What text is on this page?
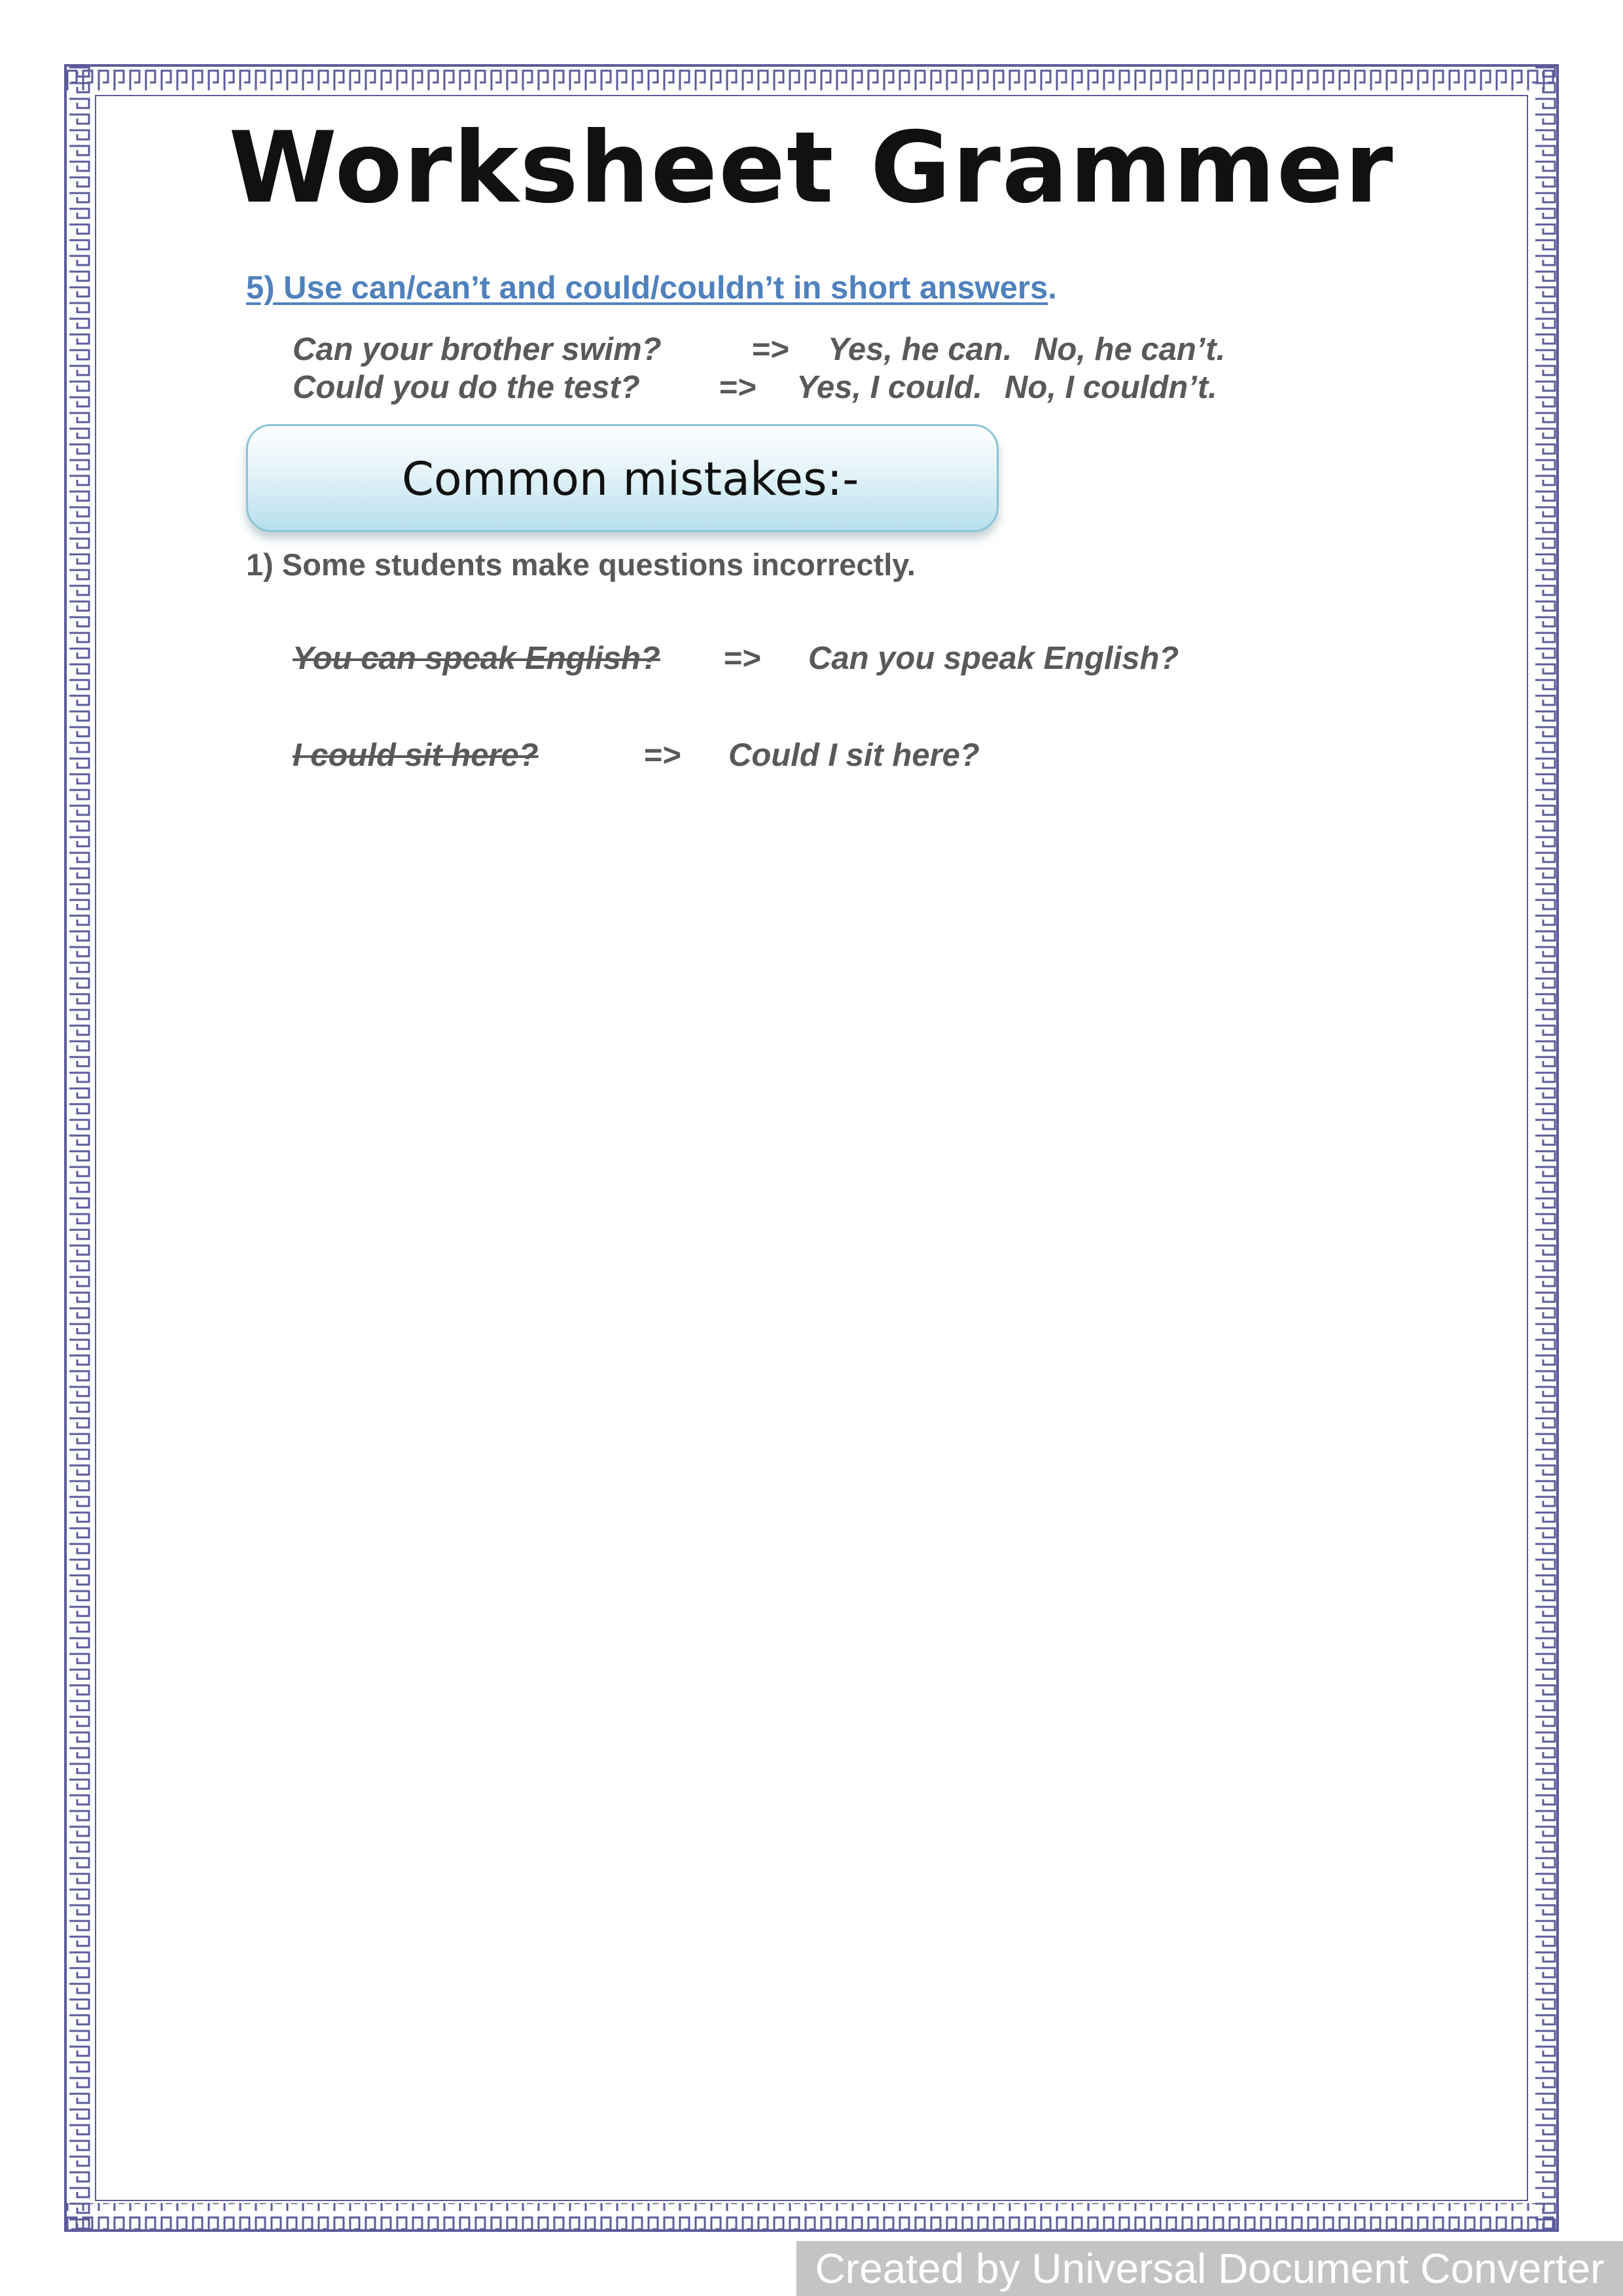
Worksheet Grammer

5) Use can/can’t and could/couldn’t in short answers.

Can your brother swim?	=> Yes, he can. No, he can’t.
Could you do the test? => Yes, I could. No, I couldn’t.

Common mistakes:-

1) Some students make questions incorrectly.

You can speak English? => Can you speak English?
I could sit here?	=> Could I sit here?
Created by Universal Document Converter
